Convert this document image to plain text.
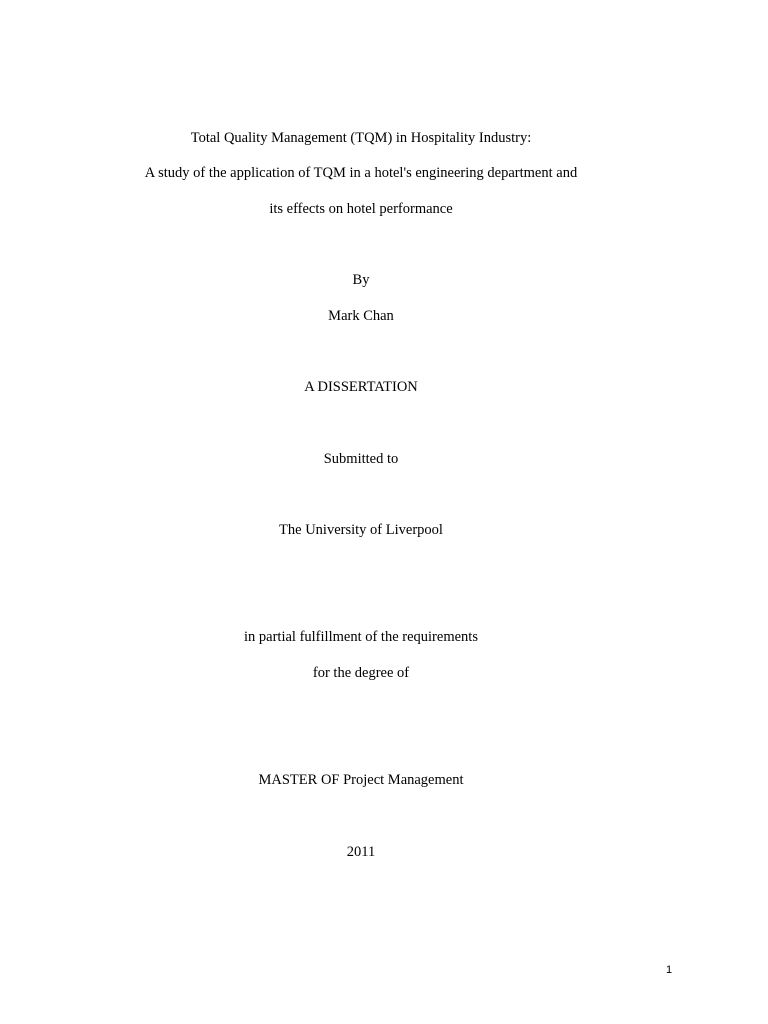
Total Quality Management (TQM) in Hospitality Industry:
A study of the application of TQM in a hotel's engineering department and
its effects on hotel performance
By
Mark Chan
A DISSERTATION
Submitted to
The University of Liverpool
in partial fulfillment of the requirements
for the degree of
MASTER OF Project Management
2011
1
